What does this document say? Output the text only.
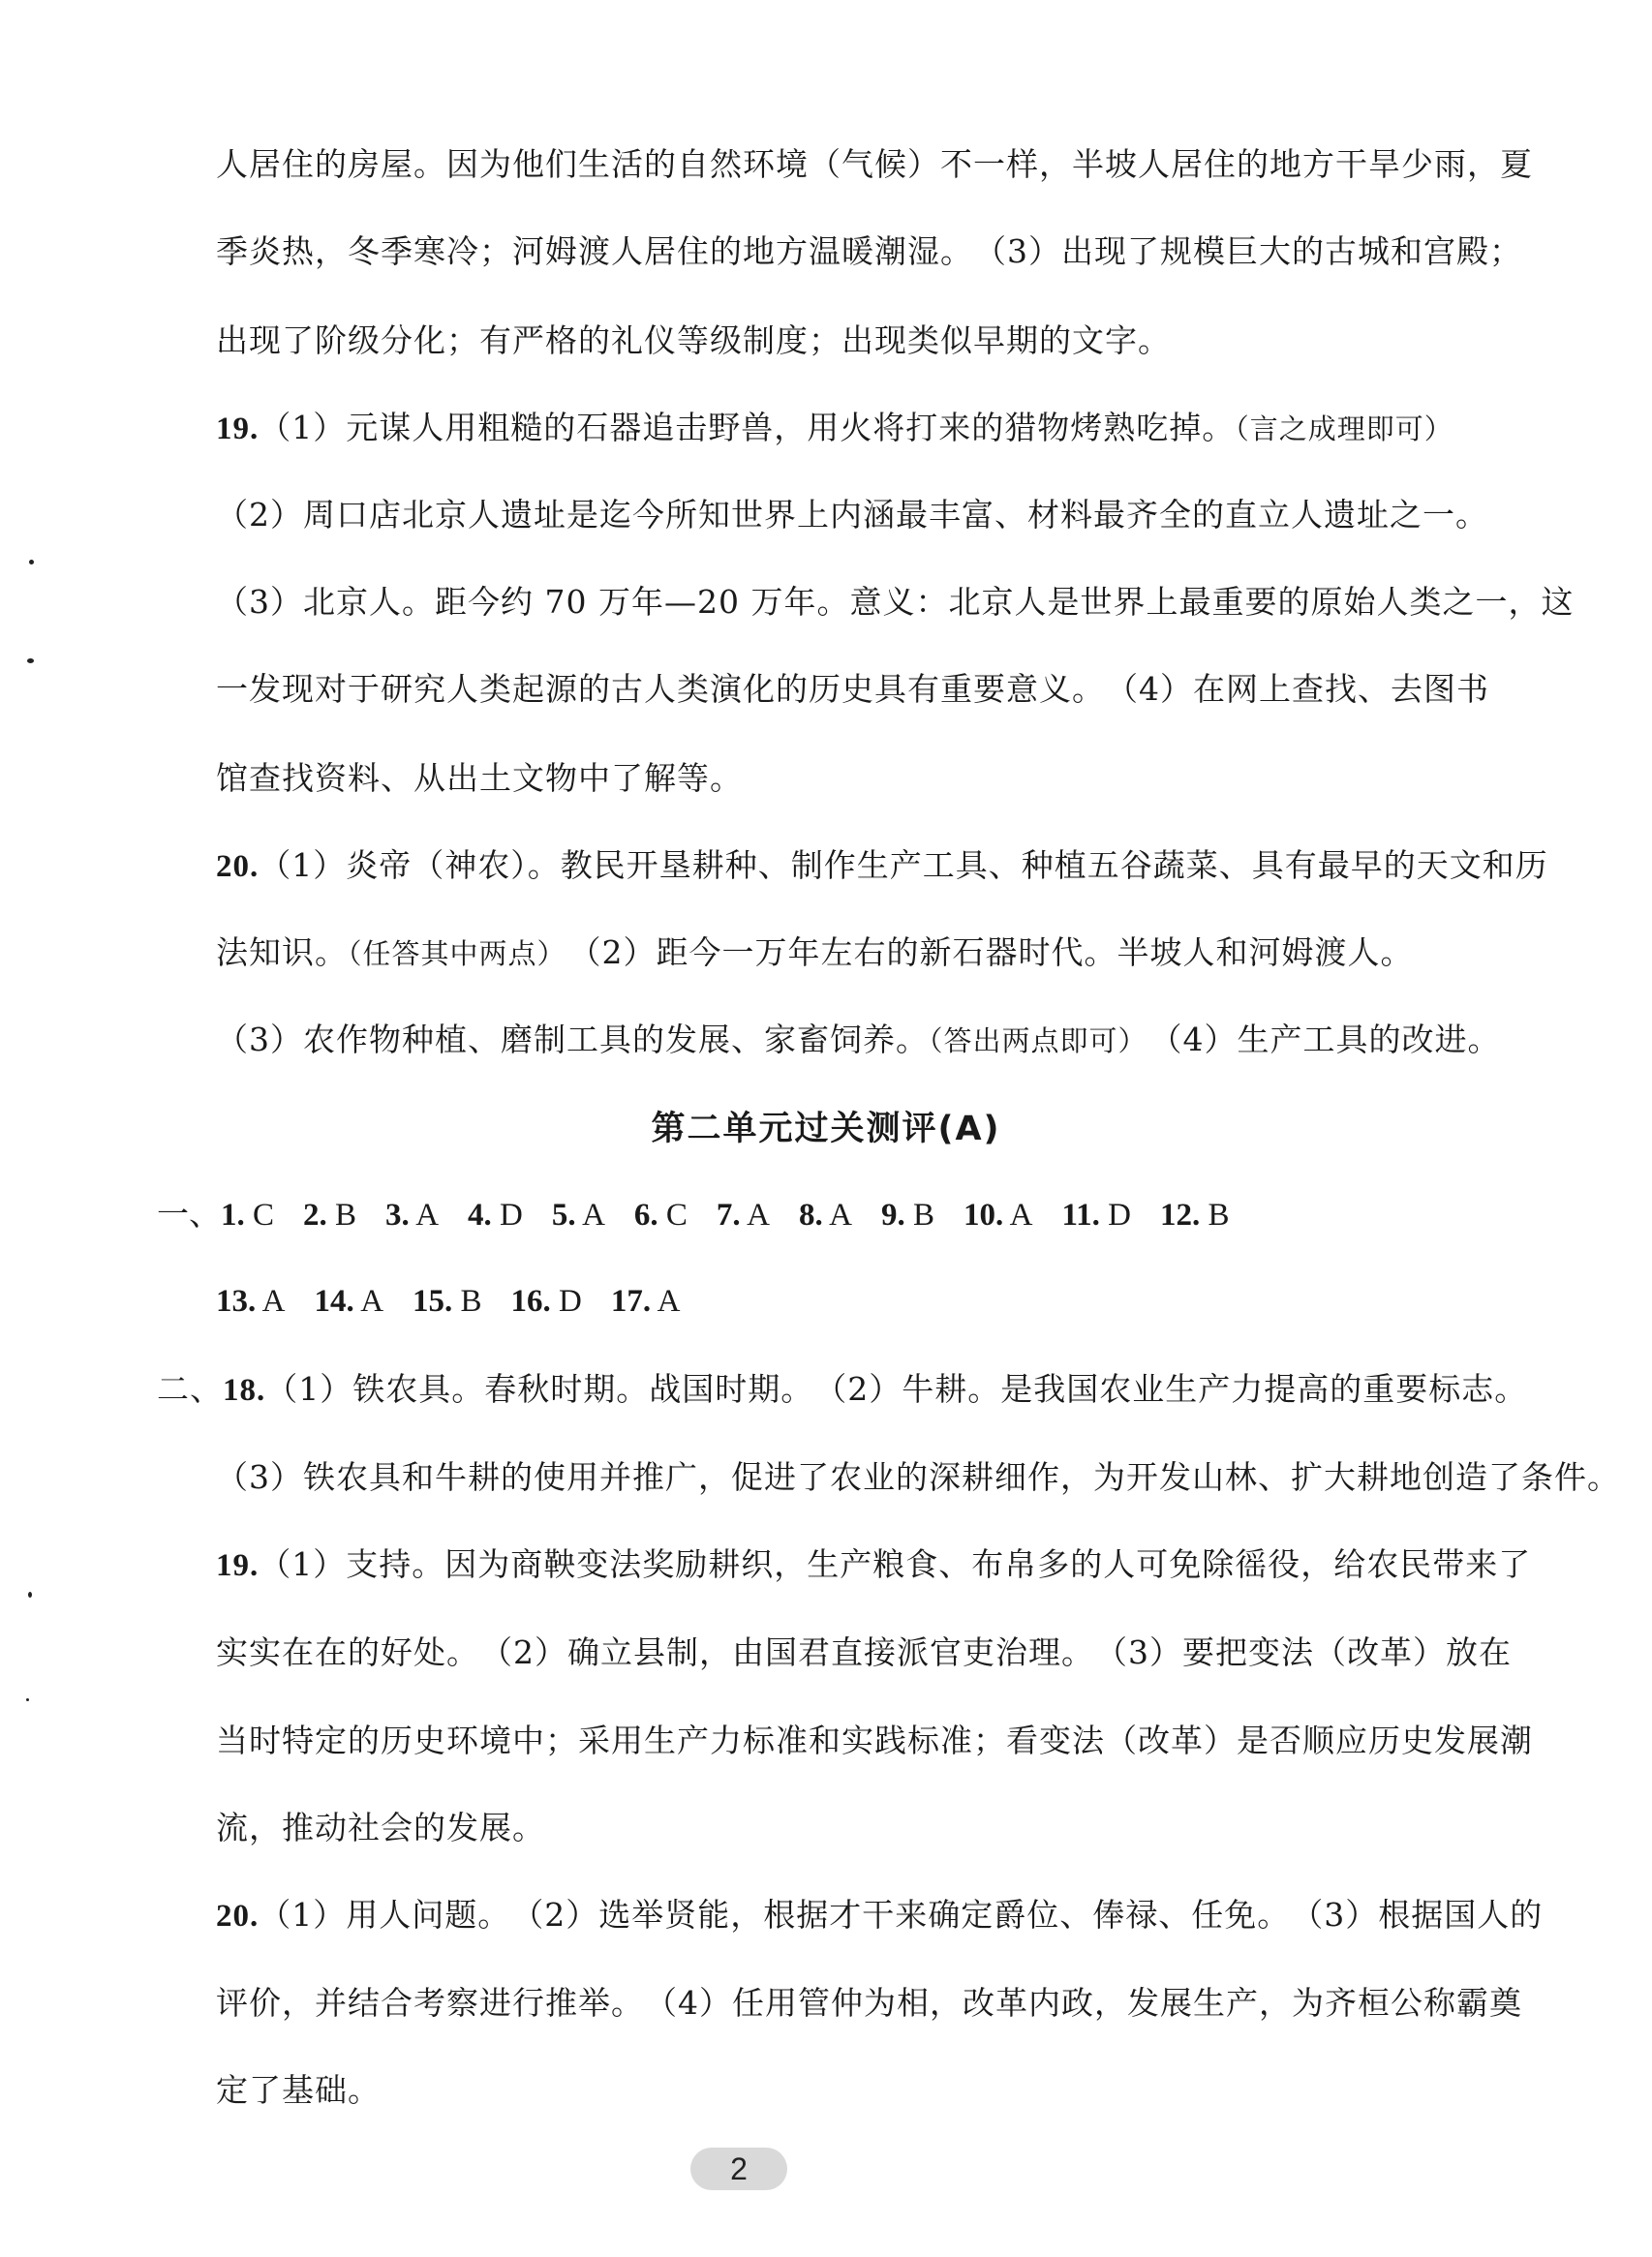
人居住的房屋。因为他们生活的自然环境（气候）不一样，半坡人居住的地方干旱少雨，夏
季炎热，冬季寒冷；河姆渡人居住的地方温暖潮湿。　（3）出现了规模巨大的古城和宫殿；
出现了阶级分化；有严格的礼仪等级制度；出现类似早期的文字。
19.（1）元谋人用粗糙的石器追击野兽，用火将打来的猎物烤熟吃掉。（言之成理即可）
（2）周口店北京人遗址是迄今所知世界上内涵最丰富、材料最齐全的直立人遗址之一。
（3）北京人。距今约 70 万年—20 万年。意义：北京人是世界上最重要的原始人类之一，这
一发现对于研究人类起源的古人类演化的历史具有重要意义。　（4）在网上查找、去图书
馆查找资料、从出土文物中了解等。
20.（1）炎帝（神农）。教民开垦耕种、制作生产工具、种植五谷蔬菜、具有最早的天文和历
法知识。（任答其中两点）　（2）距今一万年左右的新石器时代。半坡人和河姆渡人。
（3）农作物种植、磨制工具的发展、家畜饲养。（答出两点即可）　（4）生产工具的改进。
第二单元过关测评(A)
一、1. C 2. B 3. A 4. D 5. A 6. C 7. A 8. A 9. B 10. A 11. D 12. B
13. A 14. A 15. B 16. D 17. A
二、18.（1）铁农具。春秋时期。战国时期。　（2）牛耕。是我国农业生产力提高的重要标志。
（3）铁农具和牛耕的使用并推广，促进了农业的深耕细作，为开发山林、扩大耕地创造了条件。
19.（1）支持。因为商鞅变法奖励耕织，生产粮食、布帛多的人可免除徭役，给农民带来了
实实在在的好处。　（2）确立县制，由国君直接派官吏治理。　（3）要把变法（改革）放在
当时特定的历史环境中；采用生产力标准和实践标准；看变法（改革）是否顺应历史发展潮
流，推动社会的发展。
20.（1）用人问题。　（2）选举贤能，根据才干来确定爵位、俸禄、任免。　（3）根据国人的
评价，并结合考察进行推举。　（4）任用管仲为相，改革内政，发展生产，为齐桓公称霸奠
定了基础。
2
